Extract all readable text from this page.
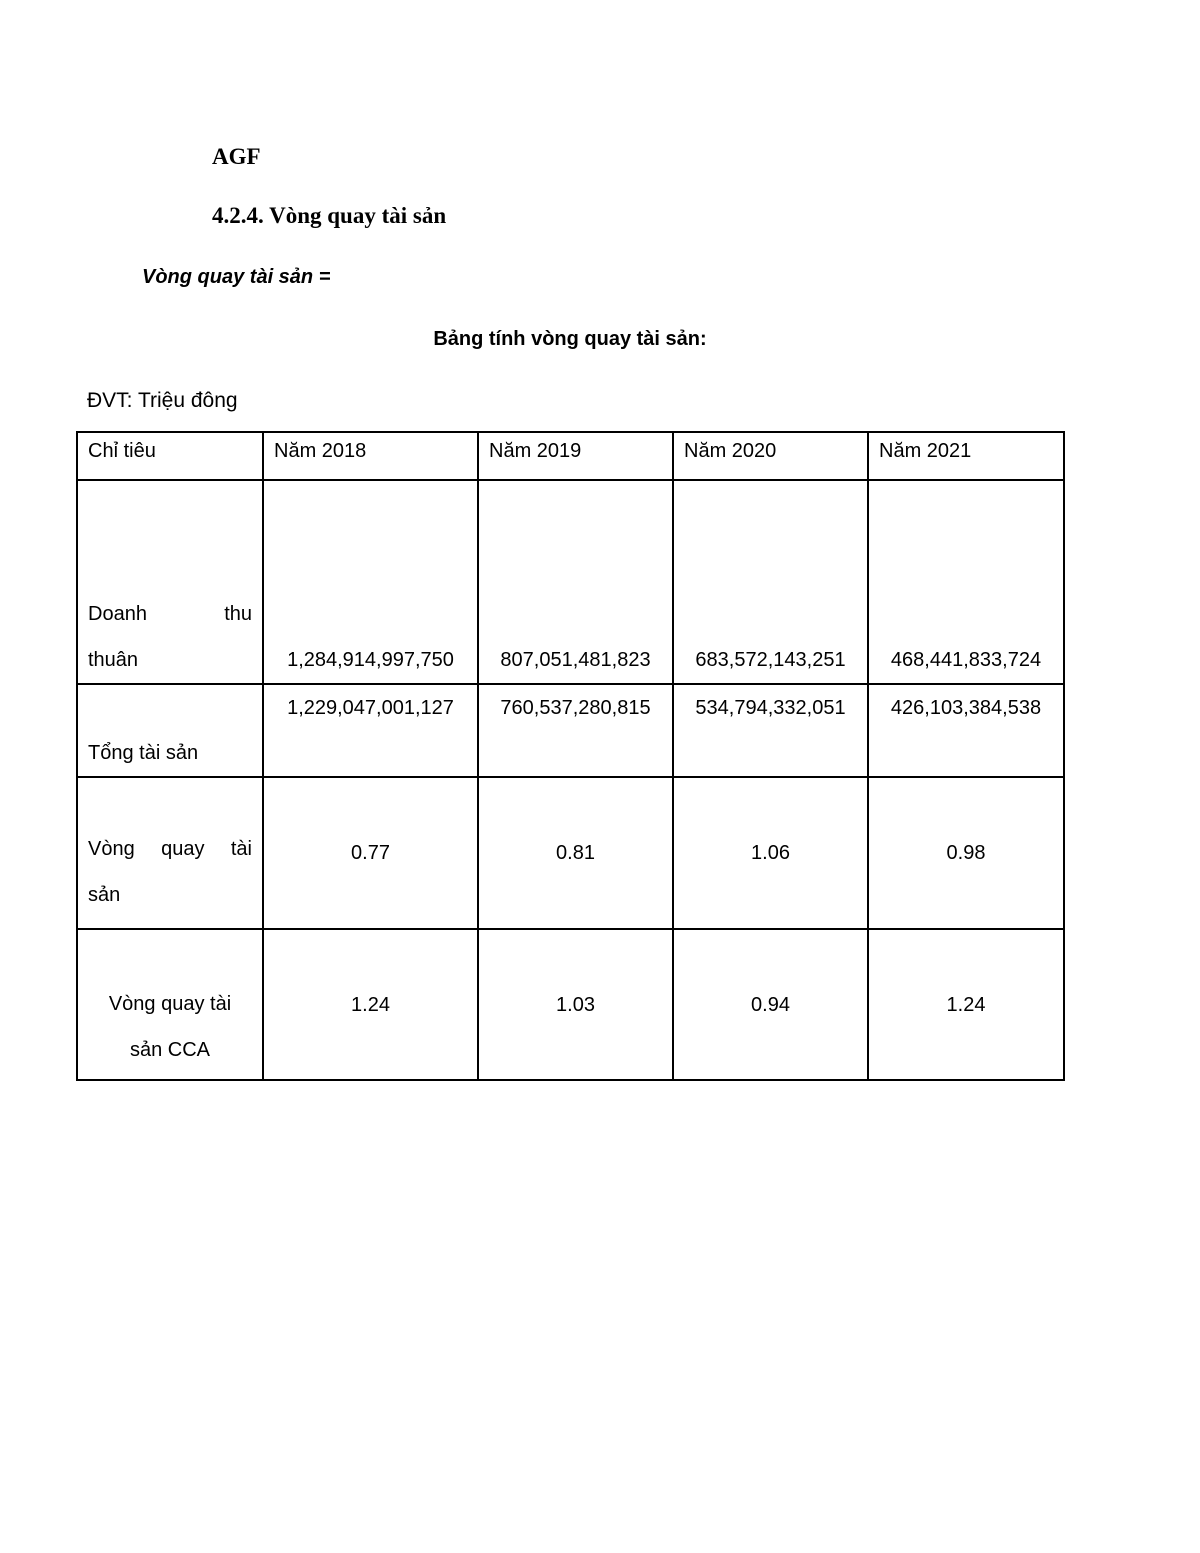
AGF
4.2.4. Vòng quay tài sản
Vòng quay tài sản =
Bảng tính vòng quay tài sản:
ĐVT: Triệu đông
Chỉ tiêu	Năm 2018	Năm 2019	Năm 2020	Năm 2021

Doanh thu
thuân	1,284,914,997,750	807,051,481,823	683,572,143,251	468,441,833,724
Tổng tài sản	1,229,047,001,127	760,537,280,815	534,794,332,051	426,103,384,538

Vòng quay tài
sản	0.77	0.81	1.06	0.98

Vòng quay tài
sản CCA	1.24	1.03	0.94	1.24
